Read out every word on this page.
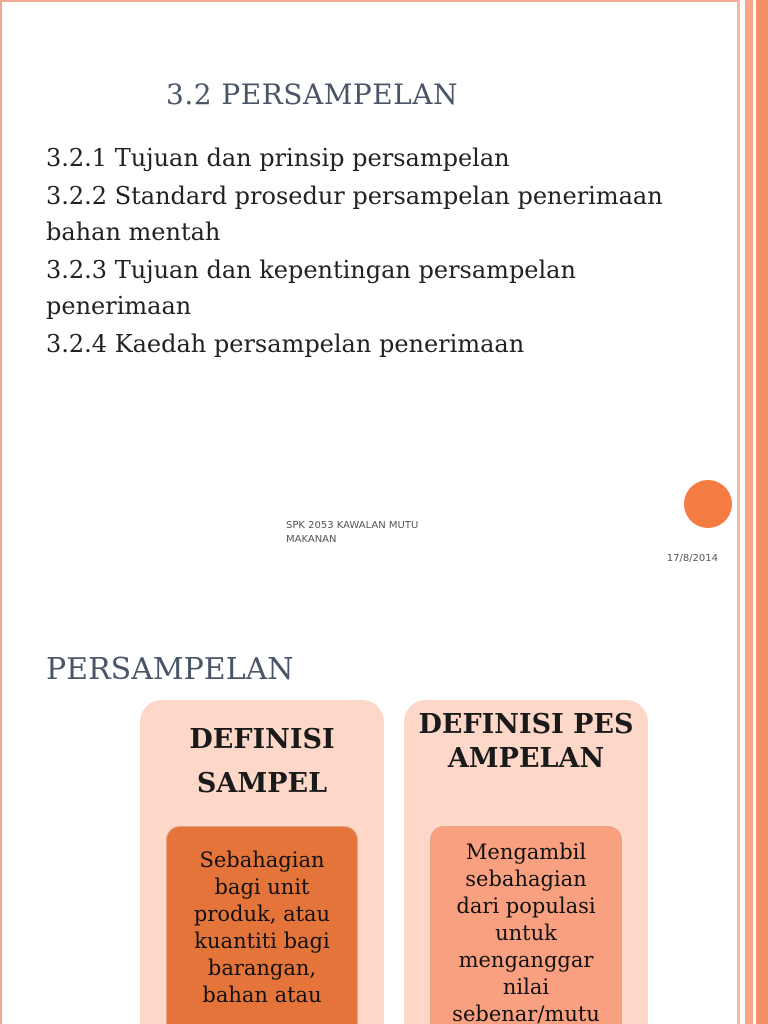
3.2 PERSAMPELAN
3.2.1 Tujuan dan prinsip persampelan
3.2.2 Standard prosedur persampelan penerimaan bahan mentah
3.2.3 Tujuan dan kepentingan persampelan penerimaan
3.2.4 Kaedah persampelan penerimaan
SPK 2053 KAWALAN MUTU
MAKANAN
17/8/2014
PERSAMPELAN
DEFINISI SAMPEL
Sebahagian
bagi unit
produk, atau
kuantiti bagi
barangan,
bahan atau
DEFINISI PESAMPELAN
Mengambil
sebahagian
dari populasi
untuk
menganggar
nilai
sebenar/mutu
